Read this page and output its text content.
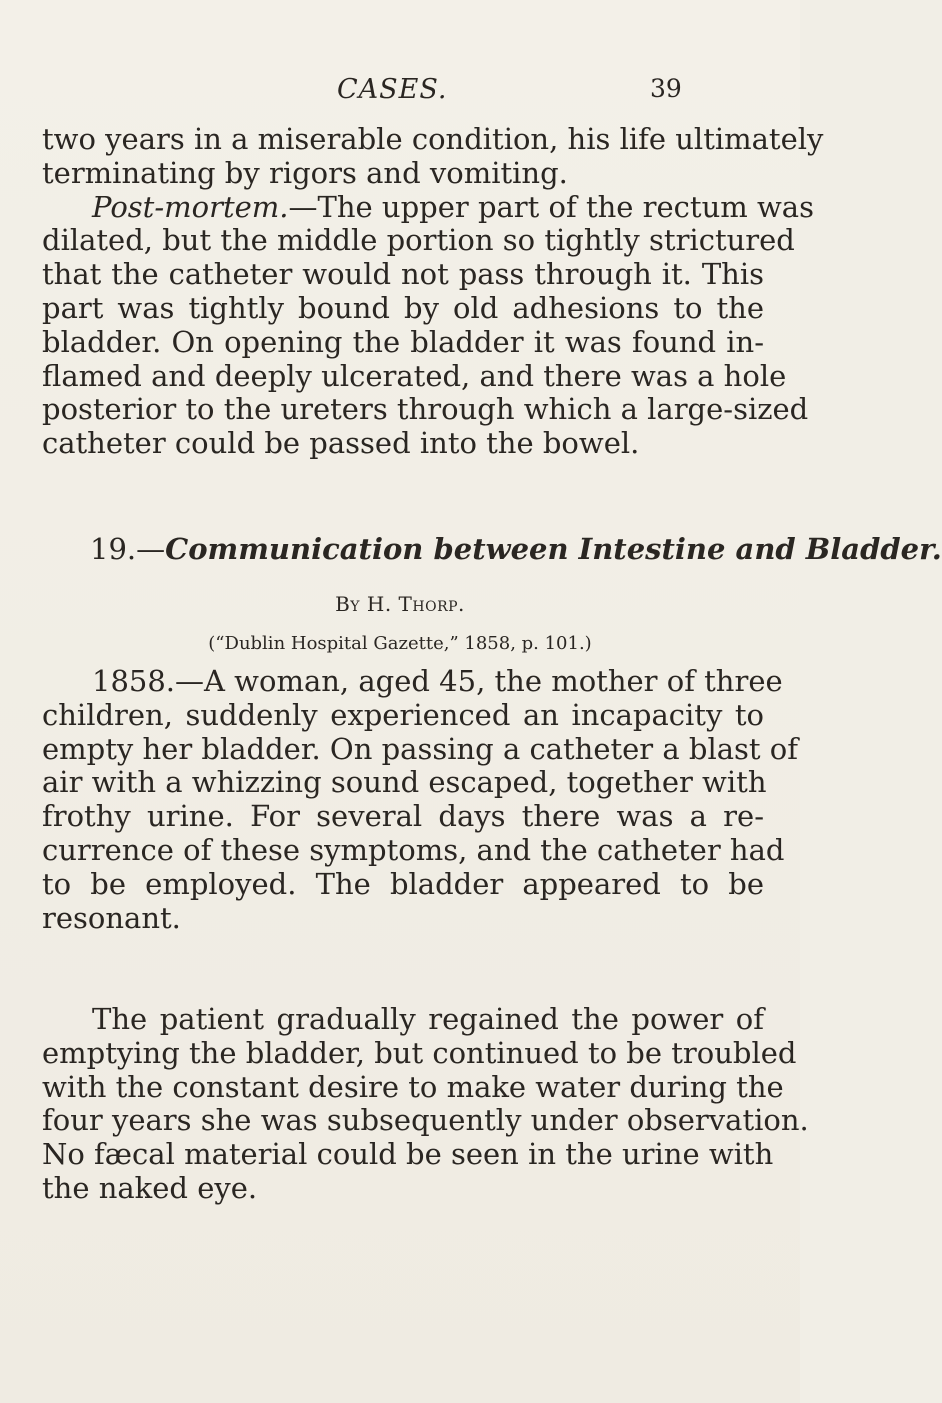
CASES.	39
two years in a miserable condition, his life ultimately
terminating by rigors and vomiting.
Post-mortem.—The upper part of the rectum was
dilated, but the middle portion so tightly strictured
that the catheter would not pass through it. This
part was tightly bound by old adhesions to the
bladder. On opening the bladder it was found in-
flamed and deeply ulcerated, and there was a hole
posterior to the ureters through which a large-sized
catheter could be passed into the bowel.
19.—Communication between Intestine and Bladder.
By H. Thorp.
(“Dublin Hospital Gazette,” 1858, p. 101.)
1858.—A woman, aged 45, the mother of three
children, suddenly experienced an incapacity to
empty her bladder. On passing a catheter a blast of
air with a whizzing sound escaped, together with
frothy urine. For several days there was a re-
currence of these symptoms, and the catheter had
to be employed. The bladder appeared to be
resonant.
The patient gradually regained the power of
emptying the bladder, but continued to be troubled
with the constant desire to make water during the
four years she was subsequently under observation.
No fæcal material could be seen in the urine with
the naked eye.
